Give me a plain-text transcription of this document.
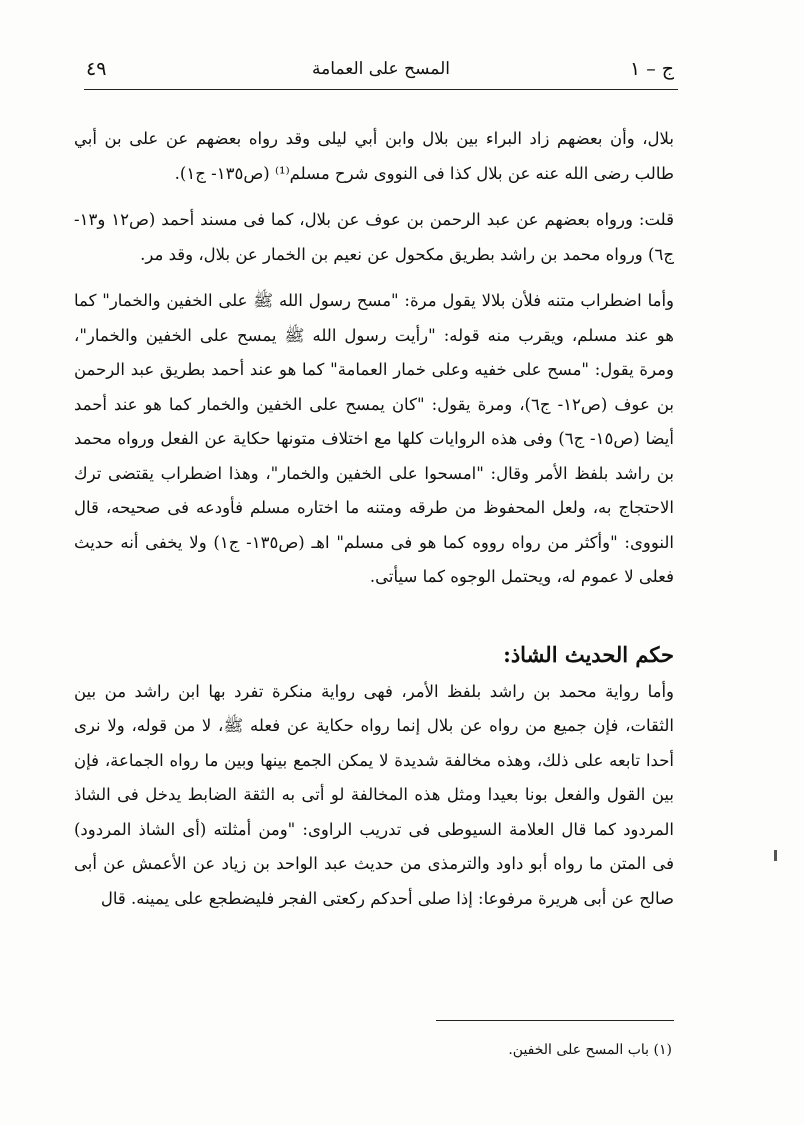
٤٩	المسح على العمامة	ج – ١

بلال، وأن بعضهم زاد البراء بين بلال وابن أبي ليلى وقد رواه بعضهم عن على بن أبي طالب رضى الله عنه عن بلال كذا فى النووى شرح مسلم⁽¹⁾ (ص١٣٥- ج١).

قلت: ورواه بعضهم عن عبد الرحمن بن عوف عن بلال، كما فى مسند أحمد (ص١٢ و١٣- ج٦) ورواه محمد بن راشد بطريق مكحول عن نعيم بن الخمار عن بلال، وقد مر.

وأما اضطراب متنه فلأن بلالا يقول مرة: "مسح رسول الله ﷺ على الخفين والخمار" كما هو عند مسلم، ويقرب منه قوله: "رأيت رسول الله ﷺ يمسح على الخفين والخمار"، ومرة يقول: "مسح على خفيه وعلى خمار العمامة" كما هو عند أحمد بطريق عبد الرحمن بن عوف (ص١٢- ج٦)، ومرة يقول: "كان يمسح على الخفين والخمار كما هو عند أحمد أيضا (ص١٥- ج٦) وفى هذه الروايات كلها مع اختلاف متونها حكاية عن الفعل ورواه محمد بن راشد بلفظ الأمر وقال: "امسحوا على الخفين والخمار"، وهذا اضطراب يقتضى ترك الاحتجاج به، ولعل المحفوظ من طرقه ومتنه ما اختاره مسلم فأودعه فى صحيحه، قال النووى: "وأكثر من رواه رووه كما هو فى مسلم" اهـ (ص١٣٥- ج١) ولا يخفى أنه حديث فعلى لا عموم له، ويحتمل الوجوه كما سيأتى.

حكم الحديث الشاذ:

وأما رواية محمد بن راشد بلفظ الأمر، فهى رواية منكرة تفرد بها ابن راشد من بين الثقات، فإن جميع من رواه عن بلال إنما رواه حكاية عن فعله ﷺ، لا من قوله، ولا نرى أحدا تابعه على ذلك، وهذه مخالفة شديدة لا يمكن الجمع بينها وبين ما رواه الجماعة، فإن بين القول والفعل بونا بعيدا ومثل هذه المخالفة لو أتى به الثقة الضابط يدخل فى الشاذ المردود كما قال العلامة السيوطى فى تدريب الراوى: "ومن أمثلته (أى الشاذ المردود) فى المتن ما رواه أبو داود والترمذى من حديث عبد الواحد بن زياد عن الأعمش عن أبى صالح عن أبى هريرة مرفوعا: إذا صلى أحدكم ركعتى الفجر فليضطجع على يمينه. قال

(١) باب المسح على الخفين.
